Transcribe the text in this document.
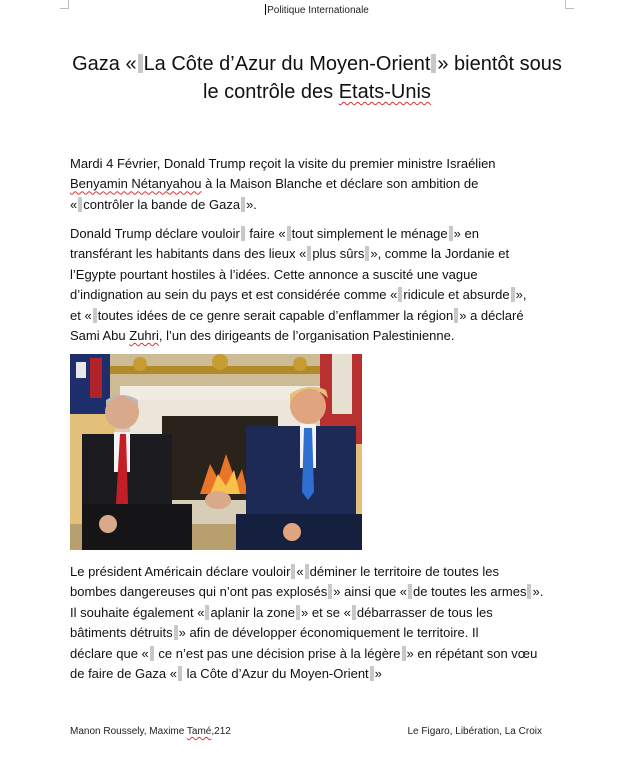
Politique Internationale
Gaza « La Côte d’Azur du Moyen-Orient » bientôt sous
le contrôle des Etats-Unis
Mardi 4 Février, Donald Trump reçoit la visite du premier ministre Israélien
Benyamin Nétanyahou à la Maison Blanche et déclare son ambition de
« contrôler la bande de Gaza ».
Donald Trump déclare vouloir faire « tout simplement le ménage » en
transférant les habitants dans des lieux « plus sûrs », comme la Jordanie et
l’Egypte pourtant hostiles à l’idées. Cette annonce a suscité une vague
d’indignation au sein du pays et est considérée comme « ridicule et absurde »,
et « toutes idées de ce genre serait capable d’enflammer la région » a déclaré
Sami Abu Zuhri, l’un des dirigeants de l’organisation Palestinienne.
Le président Américain déclare vouloir « déminer le territoire de toutes les
bombes dangereuses qui n’ont pas explosés » ainsi que « de toutes les armes ».
Il souhaite également « aplanir la zone » et se « débarrasser de tous les
bâtiments détruits » afin de développer économiquement le territoire. Il
déclare que « ce n’est pas une décision prise à la légère » en répétant son vœu
de faire de Gaza « la Côte d’Azur du Moyen-Orient »
Manon Roussely, Maxime Tamé,212	Le Figaro, Libération, La Croix
